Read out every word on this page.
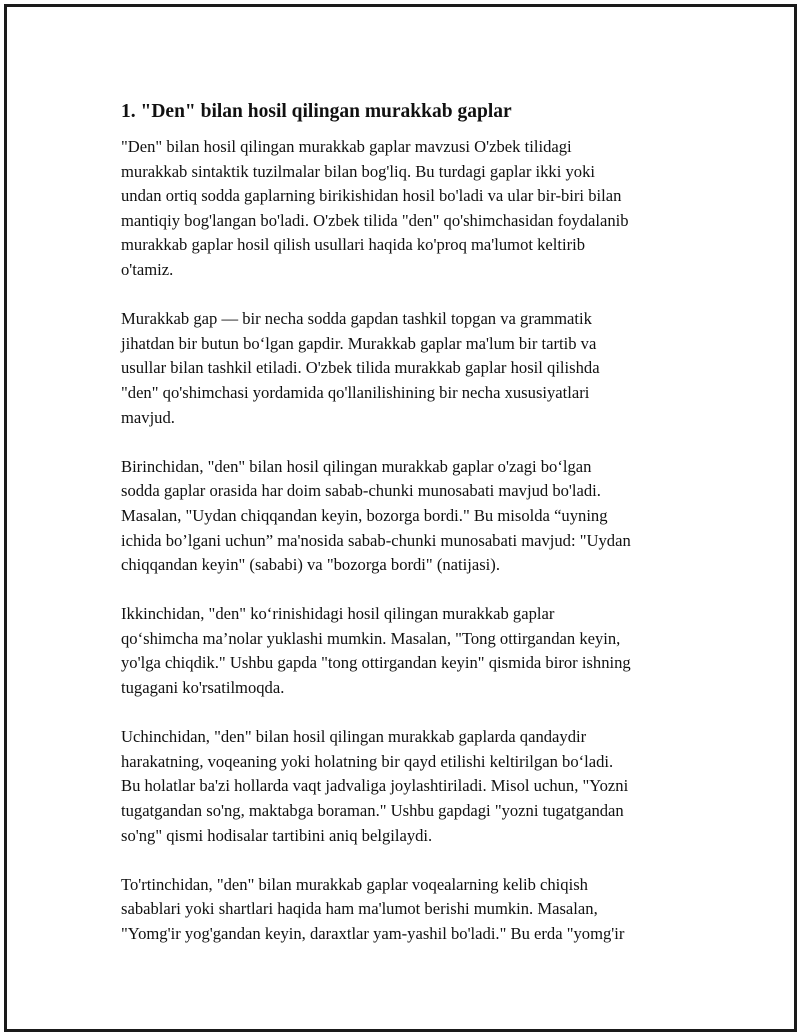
1. "Den" bilan hosil qilingan murakkab gaplar
"Den" bilan hosil qilingan murakkab gaplar mavzusi O'zbek tilidagi
murakkab sintaktik tuzilmalar bilan bog'liq. Bu turdagi gaplar ikki yoki
undan ortiq sodda gaplarning birikishidan hosil bo'ladi va ular bir-biri bilan
mantiqiy bog'langan bo'ladi. O'zbek tilida "den" qo'shimchasidan foydalanib
murakkab gaplar hosil qilish usullari haqida ko'proq ma'lumot keltirib
o'tamiz.
Murakkab gap — bir necha sodda gapdan tashkil topgan va grammatik
jihatdan bir butun bo‘lgan gapdir. Murakkab gaplar ma'lum bir tartib va
usullar bilan tashkil etiladi. O'zbek tilida murakkab gaplar hosil qilishda
"den" qo'shimchasi yordamida qo'llanilishining bir necha xususiyatlari
mavjud.
Birinchidan, "den" bilan hosil qilingan murakkab gaplar o'zagi bo‘lgan
sodda gaplar orasida har doim sabab-chunki munosabati mavjud bo'ladi.
Masalan, "Uydan chiqqandan keyin, bozorga bordi." Bu misolda “uyning
ichida bo’lgani uchun” ma'nosida sabab-chunki munosabati mavjud: "Uydan
chiqqandan keyin" (sababi) va "bozorga bordi" (natijasi).
Ikkinchidan, "den" ko‘rinishidagi hosil qilingan murakkab gaplar
qo‘shimcha ma’nolar yuklashi mumkin. Masalan, "Tong ottirgandan keyin,
yo'lga chiqdik." Ushbu gapda "tong ottirgandan keyin" qismida biror ishning
tugagani ko'rsatilmoqda.
Uchinchidan, "den" bilan hosil qilingan murakkab gaplarda qandaydir
harakatning, voqeaning yoki holatning bir qayd etilishi keltirilgan bo‘ladi.
Bu holatlar ba'zi hollarda vaqt jadvaliga joylashtiriladi. Misol uchun, "Yozni
tugatgandan so'ng, maktabga boraman." Ushbu gapdagi "yozni tugatgandan
so'ng" qismi hodisalar tartibini aniq belgilaydi.
To'rtinchidan, "den" bilan murakkab gaplar voqealarning kelib chiqish
sabablari yoki shartlari haqida ham ma'lumot berishi mumkin. Masalan,
"Yomg'ir yog'gandan keyin, daraxtlar yam-yashil bo'ladi." Bu erda "yomg'ir
